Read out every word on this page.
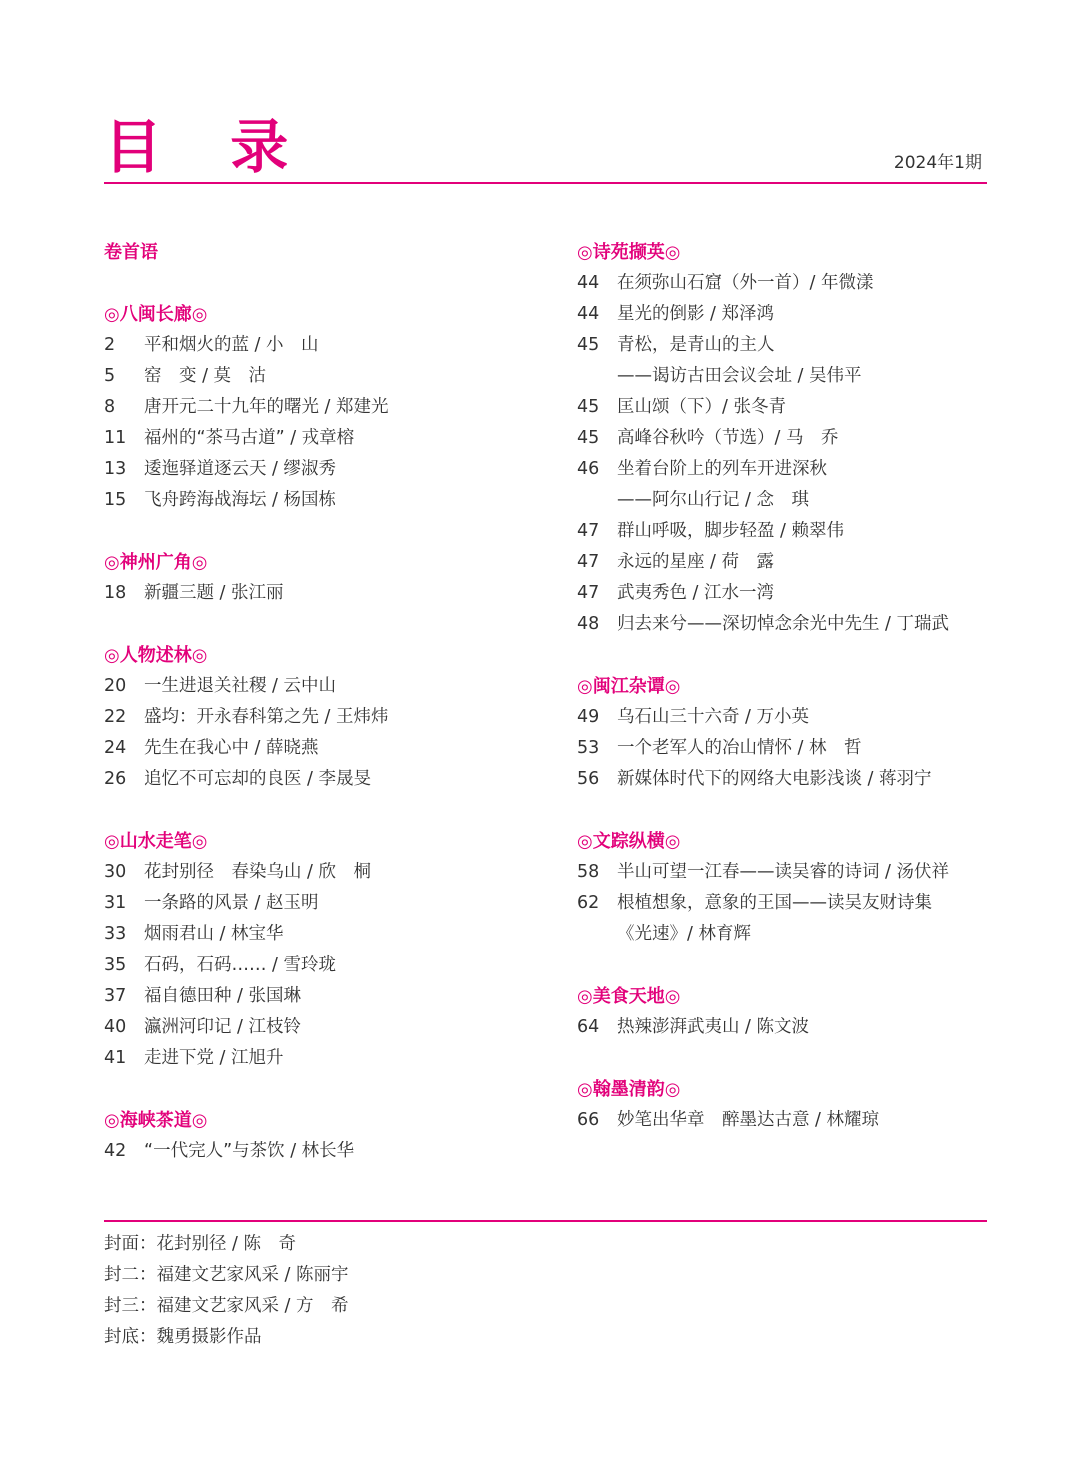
目 录	2024年1期
卷首语
◎八闽长廊◎
2 平和烟火的蓝 / 小　山
5 窑　变 / 莫　沽
8 唐开元二十九年的曙光 / 郑建光
11 福州的“茶马古道” / 戎章榕
13 逶迤驿道逐云天 / 缪淑秀
15 飞舟跨海战海坛 / 杨国栋
◎神州广角◎
18 新疆三题 / 张江丽
◎人物述林◎
20 一生进退关社稷 / 云中山
22 盛均：开永春科第之先 / 王炜炜
24 先生在我心中 / 薛晓燕
26 追忆不可忘却的良医 / 李晟旻
◎山水走笔◎
30 花封别径　春染乌山 / 欣　桐
31 一条路的风景 / 赵玉明
33 烟雨君山 / 林宝华
35 石码，石码…… / 雪玲珑
37 福自德田种 / 张国琳
40 瀛洲河印记 / 江枝铃
41 走进下党 / 江旭升
◎海峡茶道◎
42 “一代完人”与茶饮 / 林长华
◎诗苑撷英◎
44 在须弥山石窟（外一首）/ 年微漾
44 星光的倒影 / 郑泽鸿
45 青松，是青山的主人
——谒访古田会议会址 / 吴伟平
45 匡山颂（下）/ 张冬青
45 高峰谷秋吟（节选）/ 马　乔
46 坐着台阶上的列车开进深秋
——阿尔山行记 / 念　琪
47 群山呼吸，脚步轻盈 / 赖翠伟
47 永远的星座 / 荷　露
47 武夷秀色 / 江水一湾
48 归去来兮——深切悼念余光中先生 / 丁瑞武
◎闽江杂谭◎
49 乌石山三十六奇 / 万小英
53 一个老军人的冶山情怀 / 林　哲
56 新媒体时代下的网络大电影浅谈 / 蒋羽宁
◎文踪纵横◎
58 半山可望一江春——读吴睿的诗词 / 汤伏祥
62 根植想象，意象的王国——读吴友财诗集
《光速》/ 林育辉
◎美食天地◎
64 热辣澎湃武夷山 / 陈文波
◎翰墨清韵◎
66 妙笔出华章　醉墨达古意 / 林耀琼
封面：花封别径 / 陈　奇
封二：福建文艺家风采 / 陈丽宇
封三：福建文艺家风采 / 方　希
封底：魏勇摄影作品
